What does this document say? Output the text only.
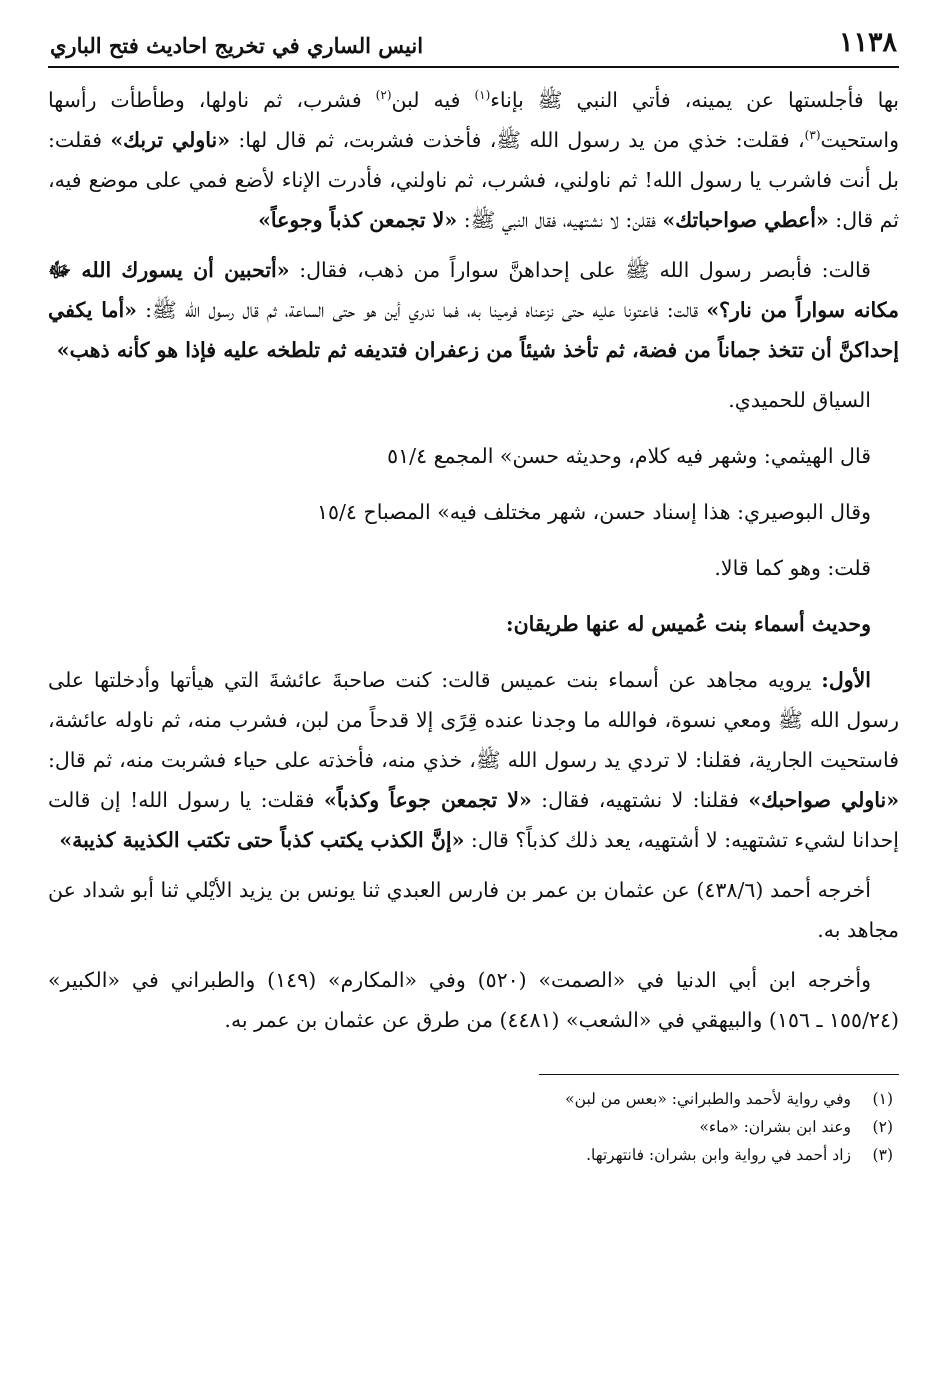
١١٣٨
انيس الساري في تخريج احاديث فتح الباري

بها فأجلستها عن يمينه، فأتي النبي ﷺ بإناء$^{(١)}$ فيه لبن$^{(٢)}$ فشرب، ثم ناولها، وطأطأت رأسها واستحيت$^{(٣)}$، فقلت: خذي من يد رسول الله ﷺ، فأخذت فشربت، ثم قال لها: «ناولي تربك» فقلت: بل أنت فاشرب يا رسول الله! ثم ناولني، فشرب، ثم ناولني، فأدرت الإناء لأضع فمي على موضع فيه، ثم قال: «أعطي صواحباتك» فقلن: لا نشتهيه، فقال النبي ﷺ: «لا تجمعن كذباً وجوعاً»

قالت: فأبصر رسول الله ﷺ على إحداهنَّ سواراً من ذهب، فقال: «أتحبين أن يسورك الله ﷻ مكانه سواراً من نار؟» قالت: فاعتونا عليه حتى نزعناه فرمينا به، فما ندري أين هو حتى الساعة، ثم قال رسول الله ﷺ: «أما يكفي إحداكنَّ أن تتخذ جماناً من فضة، ثم تأخذ شيئاً من زعفران فتديفه ثم تلطخه عليه فإذا هو كأنه ذهب»

السياق للحميدي.

قال الهيثمي: وشهر فيه كلام، وحديثه حسن» المجمع ٥١/٤

وقال البوصيري: هذا إسناد حسن، شهر مختلف فيه» المصباح ١٥/٤

قلت: وهو كما قالا.

وحديث أسماء بنت عُميس له عنها طريقان:

الأول: يرويه مجاهد عن أسماء بنت عميس قالت: كنت صاحبةَ عائشةَ التي هيأتها وأدخلتها على رسول الله ﷺ ومعي نسوة، فوالله ما وجدنا عنده قِرًى إلا قدحاً من لبن، فشرب منه، ثم ناوله عائشة، فاستحيت الجارية، فقلنا: لا تردي يد رسول الله ﷺ، خذي منه، فأخذته على حياء فشربت منه، ثم قال: «ناولي صواحبك» فقلنا: لا نشتهيه، فقال: «لا تجمعن جوعاً وكذباً» فقلت: يا رسول الله! إن قالت إحدانا لشيء تشتهيه: لا أشتهيه، يعد ذلك كذباً؟ قال: «إنَّ الكذب يكتب كذباً حتى تكتب الكذيبة كذيبة»

أخرجه أحمد (٤٣٨/٦) عن عثمان بن عمر بن فارس العبدي ثنا يونس بن يزيد الأيْلي ثنا أبو شداد عن مجاهد به.

وأخرجه ابن أبي الدنيا في «الصمت» (٥٢٠) وفي «المكارم» (١٤٩) والطبراني في «الكبير» (١٥٥/٢٤ ـ ١٥٦) والبيهقي في «الشعب» (٤٤٨١) من طرق عن عثمان بن عمر به.

(١)
وفي رواية لأحمد والطبراني: «بعس من لبن»
(٢)
وعند ابن بشران: «ماء»
(٣)
زاد أحمد في رواية وابن بشران: فانتهرتها.
